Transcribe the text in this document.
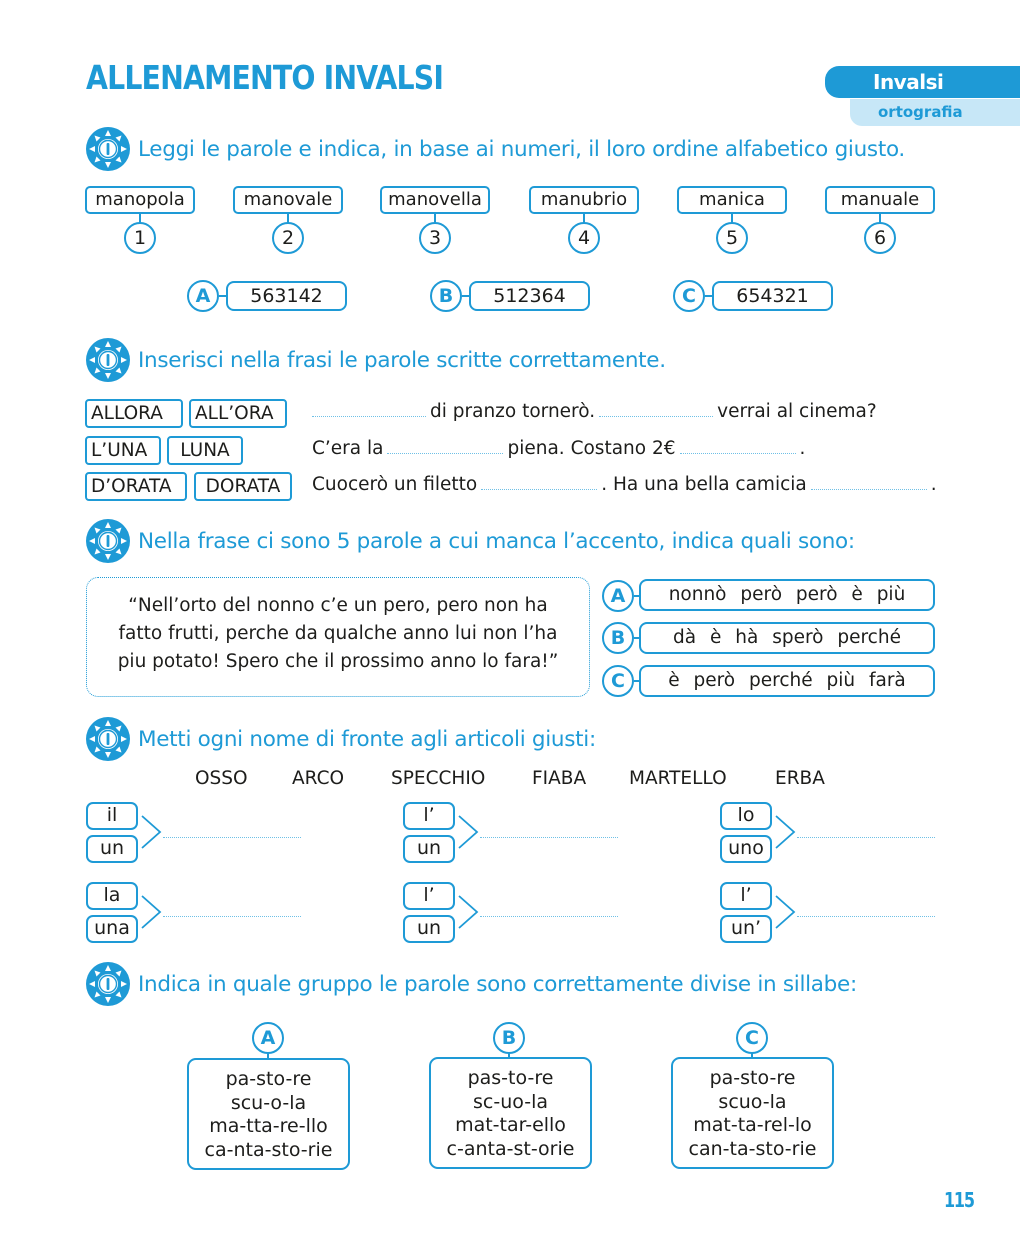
ALLENAMENTO INVALSI	Invalsi
ortografia
Leggi le parole e indica, in base ai numeri, il loro ordine alfabetico giusto.
manopola
1
manovale
2
manovella
3
manubrio
4
manica
5
manuale
6
A	563142	B	512364	C	654321
Inserisci nella frasi le parole scritte correttamente.
ALLORA	ALL’ORA	di pranzo tornerò.	verrai al cinema?
L’UNA	LUNA	C’era la	piena. Costano 2€	.
D’ORATA	DORATA	Cuocerò un filetto	. Ha una bella camicia	.
Nella frase ci sono 5 parole a cui manca l’accento, indica quali sono:
“Nell’orto del nonno c’e un pero, pero non ha
fatto frutti, perche da qualche anno lui non l’ha
piu potato! Spero che il prossimo anno lo fara!”
A	nonnò però però è più
B	dà è hà sperò perché
C	è però perché più farà
Metti ogni nome di fronte agli articoli giusti:
OSSO ARCO	SPECCHIO	FIABA MARTELLO	ERBA
il
un
l’
un
lo
uno
la
una
l’
un
l’
un’
Indica in quale gruppo le parole sono correttamente divise in sillabe:
A
pa-sto-re
scu-o-la
ma-tta-re-llo
ca-nta-sto-rie
B
pas-to-re
sc-uo-la
mat-tar-ello
c-anta-st-orie
C
pa-sto-re
scuo-la
mat-ta-rel-lo
can-ta-sto-rie
115
